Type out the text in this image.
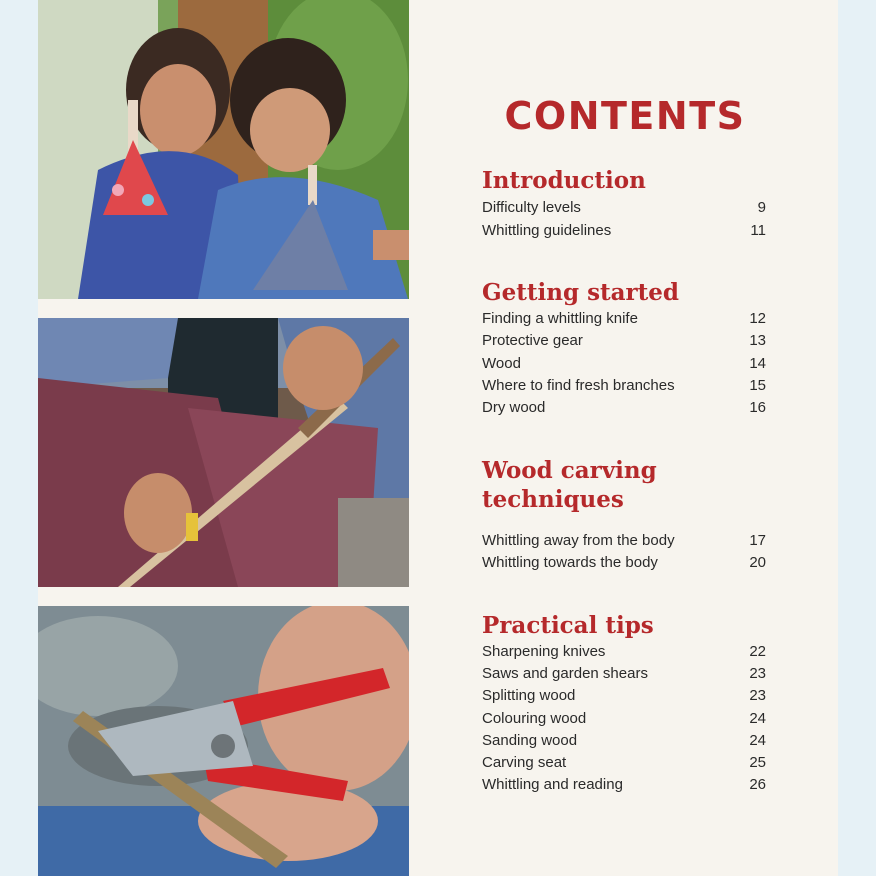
CONTENTS
Introduction
Difficulty levels	9
Whittling guidelines	11
Getting started
Finding a whittling knife	12
Protective gear	13
Wood	14
Where to find fresh branches	15
Dry wood	16
Wood carving
techniques
Whittling away from the body	17
Whittling towards the body	20
Practical tips
Sharpening knives	22
Saws and garden shears	23
Splitting wood	23
Colouring wood	24
Sanding wood	24
Carving seat	25
Whittling and reading	26
